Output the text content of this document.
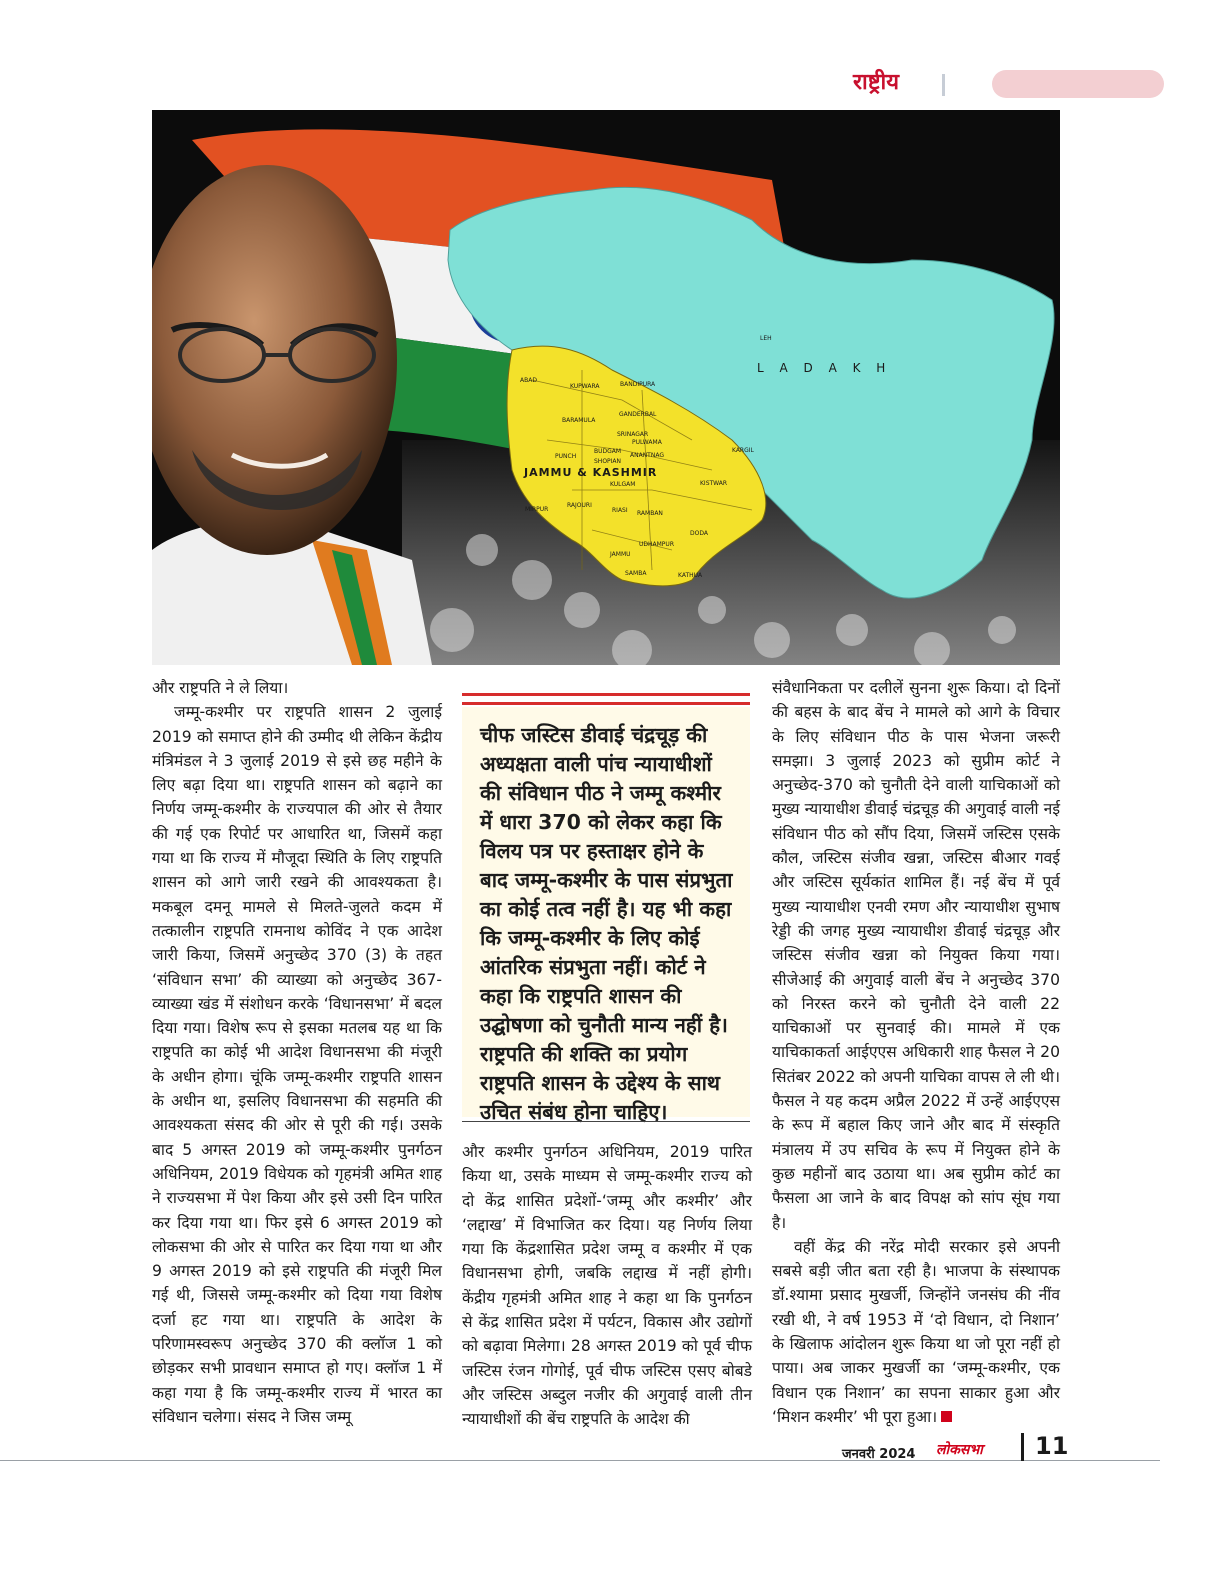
राष्ट्रीय
L A D A K H
LEH
KARGIL
KISTWAR
JAMMU & KASHMIR
ABAD
KUPWARA	BANDIPURA
BARAMULA
GANDERBAL
SRINAGAR
PULWAMA
BUDGAM
ANANTNAG
SHOPIAN
PUNCH
KULGAM
RAJOURI
MIRPUR	RIASI RAMBAN
DODA
UDHAMPUR
JAMMU
SAMBA	KATHUA

और राष्ट्रपति ने ले लिया।

जम्मू-कश्मीर पर राष्ट्रपति शासन 2 जुलाई 2019 को समाप्त होने की उम्मीद थी लेकिन केंद्रीय मंत्रिमंडल ने 3 जुलाई 2019 से इसे छह महीने के लिए बढ़ा दिया था। राष्ट्रपति शासन को बढ़ाने का निर्णय जम्मू-कश्मीर के राज्यपाल की ओर से तैयार की गई एक रिपोर्ट पर आधारित था, जिसमें कहा गया था कि राज्य में मौजूदा स्थिति के लिए राष्ट्रपति शासन को आगे जारी रखने की आवश्यकता है। मकबूल दमनू मामले से मिलते-जुलते कदम में तत्कालीन राष्ट्रपति रामनाथ कोविंद ने एक आदेश जारी किया, जिसमें अनुच्छेद 370 (3) के तहत ‘संविधान सभा’ की व्याख्या को अनुच्छेद 367-व्याख्या खंड में संशोधन करके ‘विधानसभा’ में बदल दिया गया। विशेष रूप से इसका मतलब यह था कि राष्ट्रपति का कोई भी आदेश विधानसभा की मंजूरी के अधीन होगा। चूंकि जम्मू-कश्मीर राष्ट्रपति शासन के अधीन था, इसलिए विधानसभा की सहमति की आवश्यकता संसद की ओर से पूरी की गई। उसके बाद 5 अगस्त 2019 को जम्मू-कश्मीर पुनर्गठन अधिनियम, 2019 विधेयक को गृहमंत्री अमित शाह ने राज्यसभा में पेश किया और इसे उसी दिन पारित कर दिया गया था। फिर इसे 6 अगस्त 2019 को लोकसभा की ओर से पारित कर दिया गया था और 9 अगस्त 2019 को इसे राष्ट्रपति की मंजूरी मिल गई थी, जिससे जम्मू-कश्मीर को दिया गया विशेष दर्जा हट गया था। राष्ट्रपति के आदेश के परिणामस्वरूप अनुच्छेद 370 की क्लॉज 1 को छोड़कर सभी प्रावधान समाप्त हो गए। क्लॉज 1 में कहा गया है कि जम्मू-कश्मीर राज्य में भारत का संविधान चलेगा। संसद ने जिस जम्मू

चीफ जस्टिस डीवाई चंद्रचूड़ की अध्यक्षता वाली पांच न्यायाधीशों की संविधान पीठ ने जम्मू कश्मीर में धारा 370 को लेकर कहा कि विलय पत्र पर हस्ताक्षर होने के बाद जम्मू-कश्मीर के पास संप्रभुता का कोई तत्व नहीं है। यह भी कहा कि जम्मू-कश्मीर के लिए कोई आंतरिक संप्रभुता नहीं। कोर्ट ने कहा कि राष्ट्रपति शासन की उद्घोषणा को चुनौती मान्य नहीं है। राष्ट्रपति की शक्ति का प्रयोग राष्ट्रपति शासन के उद्देश्य के साथ उचित संबंध होना चाहिए।

और कश्मीर पुनर्गठन अधिनियम, 2019 पारित किया था, उसके माध्यम से जम्मू-कश्मीर राज्य को दो केंद्र शासित प्रदेशों-‘जम्मू और कश्मीर’ और ‘लद्दाख’ में विभाजित कर दिया। यह निर्णय लिया गया कि केंद्रशासित प्रदेश जम्मू व कश्मीर में एक विधानसभा होगी, जबकि लद्दाख में नहीं होगी। केंद्रीय गृहमंत्री अमित शाह ने कहा था कि पुनर्गठन से केंद्र शासित प्रदेश में पर्यटन, विकास और उद्योगों को बढ़ावा मिलेगा। 28 अगस्त 2019 को पूर्व चीफ जस्टिस रंजन गोगोई, पूर्व चीफ जस्टिस एसए बोबडे और जस्टिस अब्दुल नजीर की अगुवाई वाली तीन न्यायाधीशों की बेंच राष्ट्रपति के आदेश की

संवैधानिकता पर दलीलें सुनना शुरू किया। दो दिनों की बहस के बाद बेंच ने मामले को आगे के विचार के लिए संविधान पीठ के पास भेजना जरूरी समझा। 3 जुलाई 2023 को सुप्रीम कोर्ट ने अनुच्छेद-370 को चुनौती देने वाली याचिकाओं को मुख्य न्यायाधीश डीवाई चंद्रचूड़ की अगुवाई वाली नई संविधान पीठ को सौंप दिया, जिसमें जस्टिस एसके कौल, जस्टिस संजीव खन्ना, जस्टिस बीआर गवई और जस्टिस सूर्यकांत शामिल हैं। नई बेंच में पूर्व मुख्य न्यायाधीश एनवी रमण और न्यायाधीश सुभाष रेड्डी की जगह मुख्य न्यायाधीश डीवाई चंद्रचूड़ और जस्टिस संजीव खन्ना को नियुक्त किया गया। सीजेआई की अगुवाई वाली बेंच ने अनुच्छेद 370 को निरस्त करने को चुनौती देने वाली 22 याचिकाओं पर सुनवाई की। मामले में एक याचिकाकर्ता आईएएस अधिकारी शाह फैसल ने 20 सितंबर 2022 को अपनी याचिका वापस ले ली थी। फैसल ने यह कदम अप्रैल 2022 में उन्हें आईएएस के रूप में बहाल किए जाने और बाद में संस्कृति मंत्रालय में उप सचिव के रूप में नियुक्त होने के कुछ महीनों बाद उठाया था। अब सुप्रीम कोर्ट का फैसला आ जाने के बाद विपक्ष को सांप सूंघ गया है।

वहीं केंद्र की नरेंद्र मोदी सरकार इसे अपनी सबसे बड़ी जीत बता रही है। भाजपा के संस्थापक डॉ.श्यामा प्रसाद मुखर्जी, जिन्होंने जनसंघ की नींव रखी थी, ने वर्ष 1953 में ‘दो विधान, दो निशान’ के खिलाफ आंदोलन शुरू किया था जो पूरा नहीं हो पाया। अब जाकर मुखर्जी का ‘जम्मू-कश्मीर, एक विधान एक निशान’ का सपना साकार हुआ और ‘मिशन कश्मीर’ भी पूरा हुआ।

जनवरी 2024 लोकसभा 11
